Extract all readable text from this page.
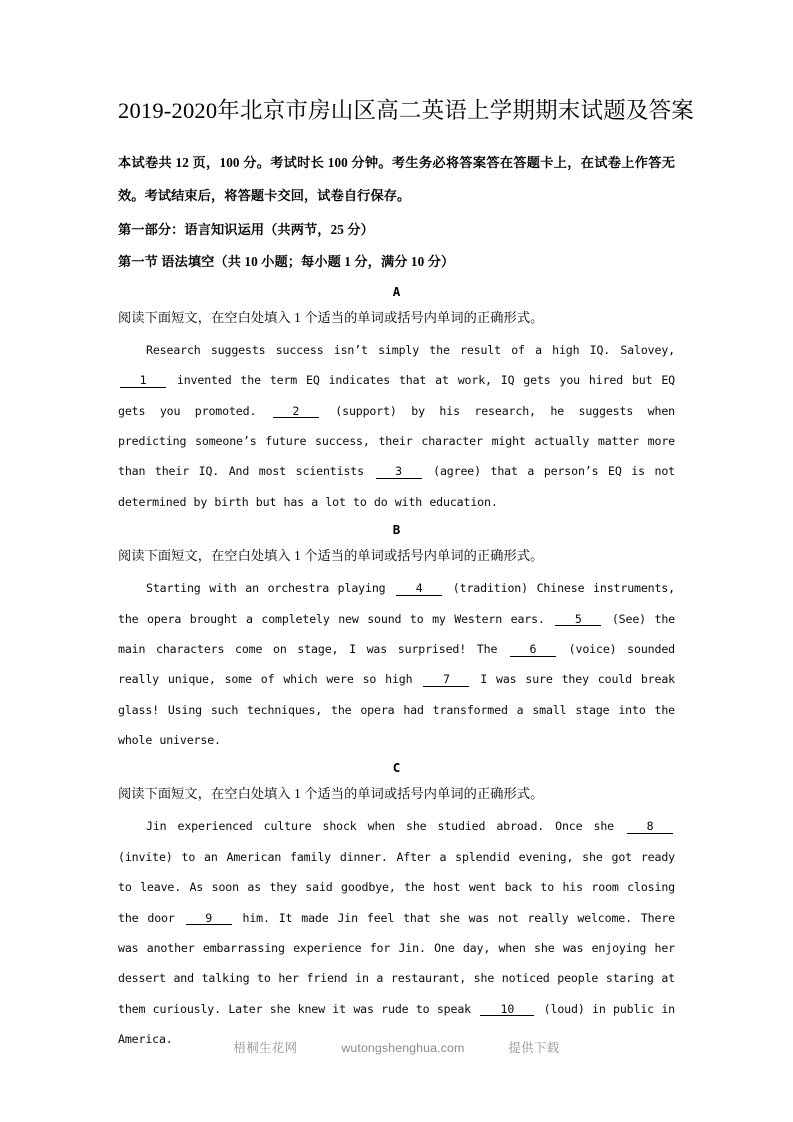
2019-2020年北京市房山区高二英语上学期期末试题及答案

本试卷共 12 页，100 分。考试时长 100 分钟。考生务必将答案答在答题卡上，在试卷上作答无效。考试结束后，将答题卡交回，试卷自行保存。

第一部分：语言知识运用（共两节，25 分）

第一节 语法填空（共 10 小题；每小题 1 分，满分 10 分）

A

阅读下面短文，在空白处填入 1 个适当的单词或括号内单词的正确形式。

Research suggests success isn’t simply the result of a high IQ. Salovey, 1 invented the term EQ indicates that at work, IQ gets you hired but EQ gets you promoted. 2 (support) by his research, he suggests when predicting someone’s future success, their character might actually matter more than their IQ. And most scientists 3 (agree) that a person’s EQ is not determined by birth but has a lot to do with education.

B

阅读下面短文，在空白处填入 1 个适当的单词或括号内单词的正确形式。

Starting with an orchestra playing 4 (tradition) Chinese instruments, the opera brought a completely new sound to my Western ears. 5 (See) the main characters come on stage, I was surprised! The 6 (voice) sounded really unique, some of which were so high 7 I was sure they could break glass! Using such techniques, the opera had transformed a small stage into the whole universe.

C

阅读下面短文，在空白处填入 1 个适当的单词或括号内单词的正确形式。

Jin experienced culture shock when she studied abroad. Once she 8 (invite) to an American family dinner. After a splendid evening, she got ready to leave. As soon as they said goodbye, the host went back to his room closing the door 9 him. It made Jin feel that she was not really welcome. There was another embarrassing experience for Jin. One day, when she was enjoying her dessert and talking to her friend in a restaurant, she noticed people staring at them curiously. Later she knew it was rude to speak 10 (loud) in public in America.

梧桐生花网	wutongshenghua.com	提供下载
